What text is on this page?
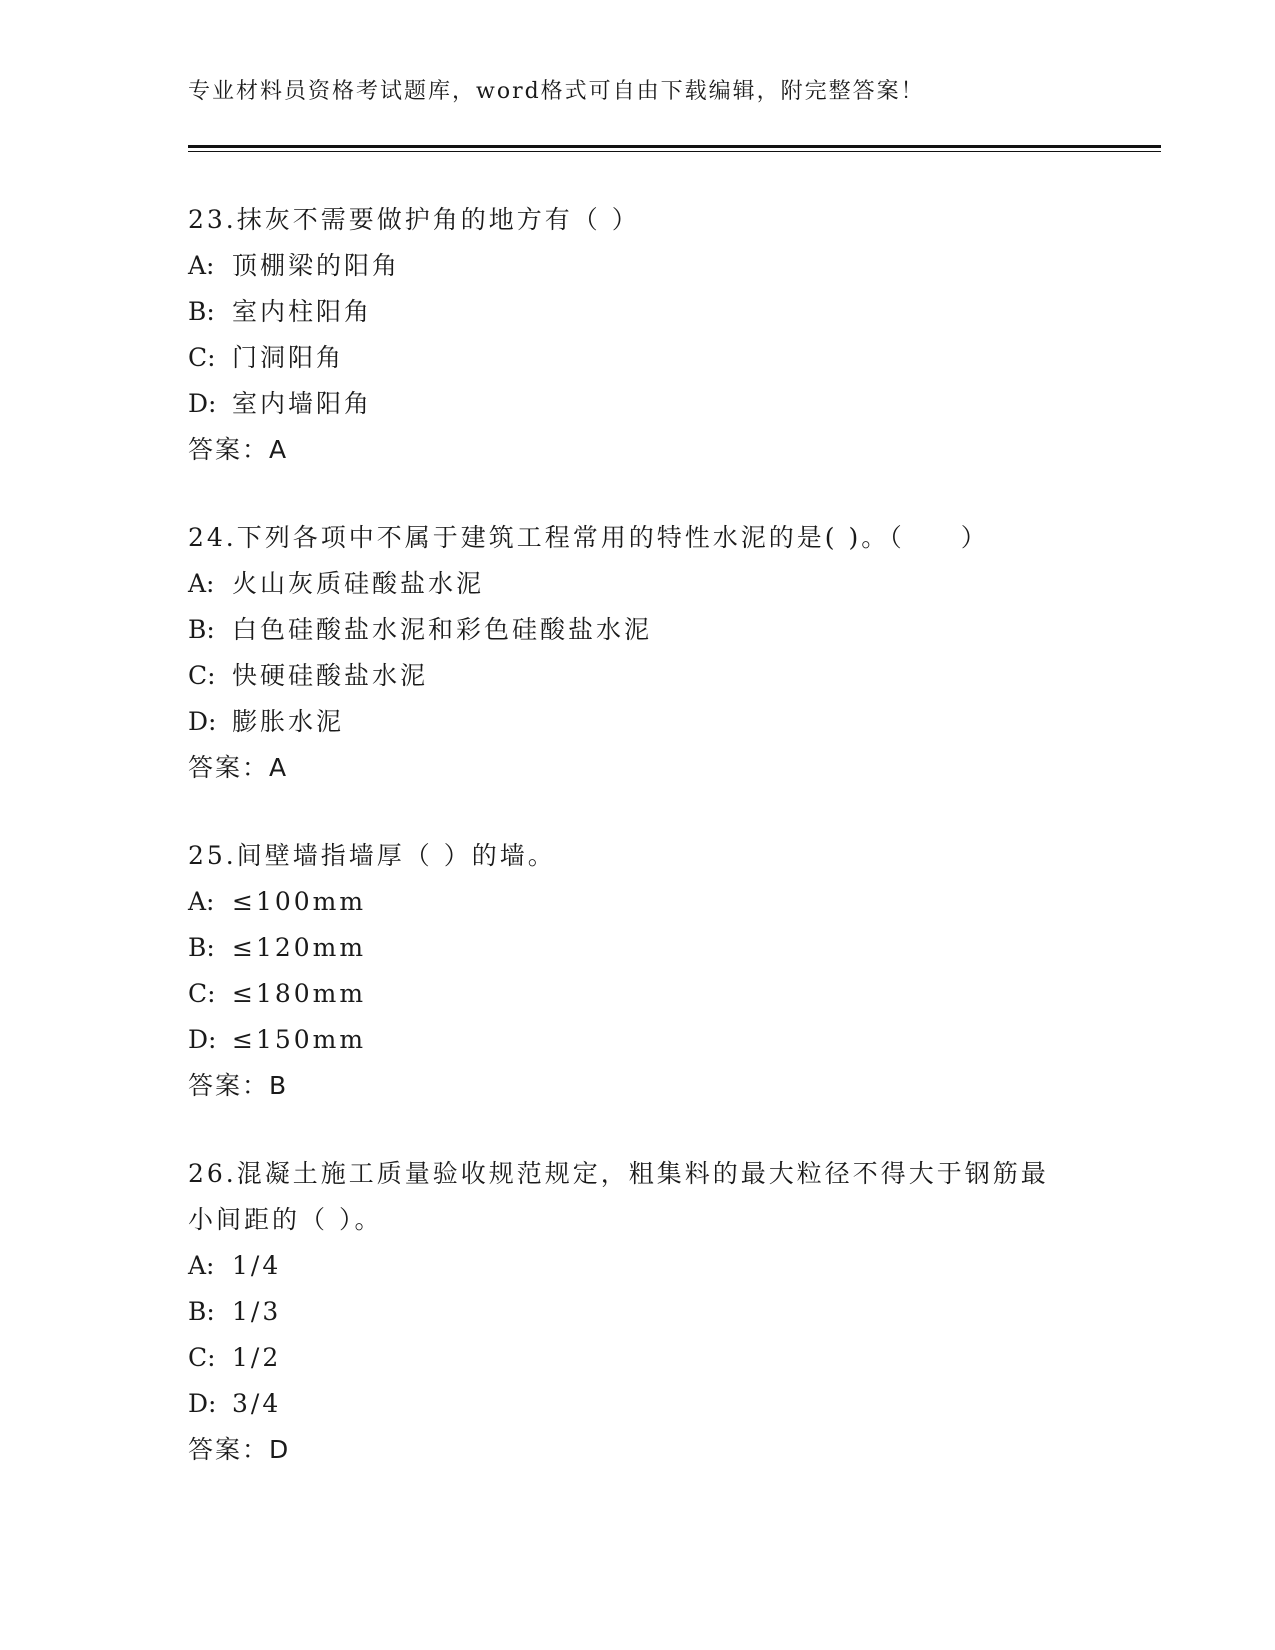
专业材料员资格考试题库，word格式可自由下载编辑，附完整答案！
23.抹灰不需要做护角的地方有（ ）
A: 顶棚梁的阳角
B: 室内柱阳角
C: 门洞阳角
D: 室内墙阳角
答案：A
24.下列各项中不属于建筑工程常用的特性水泥的是( )。（　　）
A: 火山灰质硅酸盐水泥
B: 白色硅酸盐水泥和彩色硅酸盐水泥
C: 快硬硅酸盐水泥
D: 膨胀水泥
答案：A
25.间壁墙指墙厚（ ）的墙。
A: ≤100mm
B: ≤120mm
C: ≤180mm
D: ≤150mm
答案：B
26.混凝土施工质量验收规范规定，粗集料的最大粒径不得大于钢筋最
小间距的（ ）。
A: 1/4
B: 1/3
C: 1/2
D: 3/4
答案：D
